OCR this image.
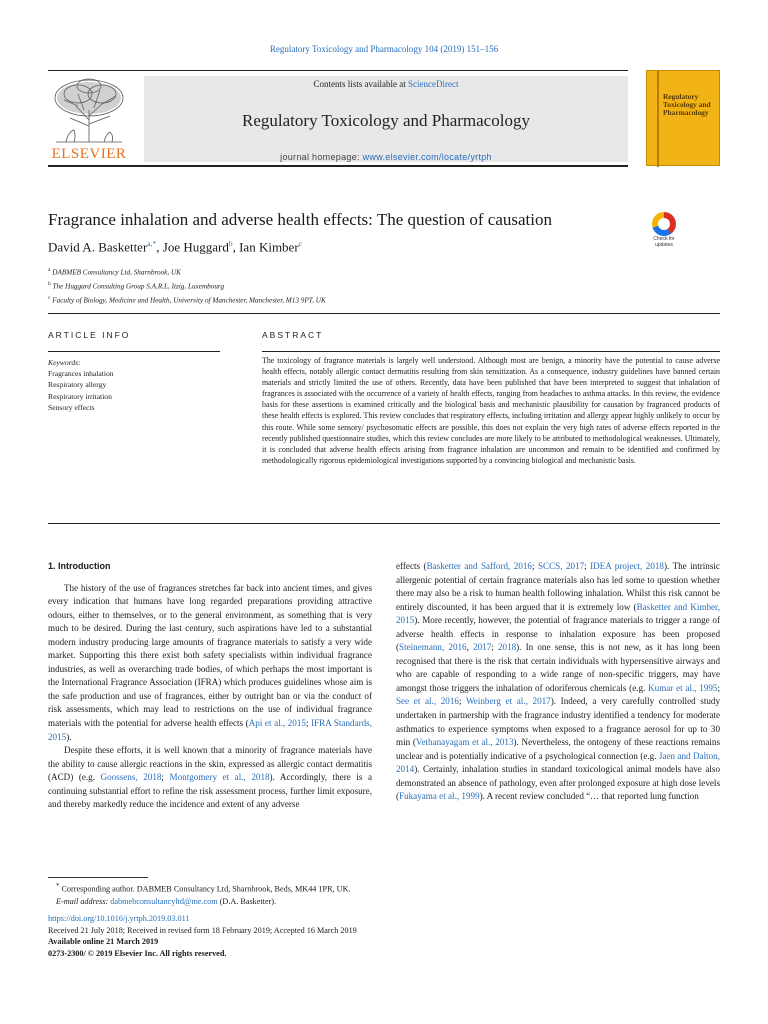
Regulatory Toxicology and Pharmacology 104 (2019) 151–156
ELSEVIER
Contents lists available at ScienceDirect
Regulatory Toxicology and Pharmacology
journal homepage: www.elsevier.com/locate/yrtph
Regulatory Toxicology and Pharmacology
Fragrance inhalation and adverse health effects: The question of causation
Check for
updates
David A. Basketter$^{a,*}$, Joe Huggard$^b$, Ian Kimber$^c$
$^a$ DABMEB Consultancy Ltd, Sharnbrook, UK
$^b$ The Huggard Consulting Group S.A.R.L, Itzig, Luxembourg
$^c$ Faculty of Biology, Medicine and Health, University of Manchester, Manchester, M13 9PT, UK
ARTICLE INFO	ABSTRACT
Keywords:
Fragrances inhalation
Respiratory allergy
Respiratory irritation
Sensory effects
The toxicology of fragrance materials is largely well understood. Although most are benign, a minority have the potential to cause adverse health effects, notably allergic contact dermatitis resulting from skin sensitization. As a consequence, industry guidelines have banned certain materials and strictly limited the use of others. Recently, data have been published that have been interpreted to suggest that inhalation of fragrances is associated with the occurrence of a variety of health effects, ranging from headaches to asthma attacks. In this review, the evidence basis for these assertions is examined critically and the biological basis and mechanistic plausibility for causation by fragranced products of these health effects is explored. This review concludes that respiratory effects, including irritation and allergy appear highly unlikely to occur by this route. While some sensory/ psychosomatic effects are possible, this does not explain the very high rates of adverse effects reported in the recently published questionnaire studies, which this review concludes are more likely to be attributed to methodological weaknesses. Ultimately, it is concluded that adverse health effects arising from fragrance inhalation are uncommon and remain to be identified and confirmed by methodologically rigorous epidemiological investigations supported by a convincing biological and mechanistic basis.
1. Introduction

The history of the use of fragrances stretches far back into ancient times, and gives every indication that humans have long regarded preparations providing attractive odours, either to themselves, or to the general environment, as something that is very much to be desired. During the last century, such aspirations have led to a substantial modern industry producing large amounts of fragrance materials to satisfy a very wide market. Supporting this there exist both safety specialists within individual fragrance industries, as well as overarching trade bodies, of which perhaps the most important is the International Fragrance Association (IFRA) which produces guidelines whose aim is the safe production and use of fragrances, either by outright ban or via the conduct of risk assessments, which may lead to restrictions on the use of individual fragrance materials with the potential for adverse health effects (Api et al., 2015; IFRA Standards, 2015).

Despite these efforts, it is well known that a minority of fragrance materials have the ability to cause allergic reactions in the skin, expressed as allergic contact dermatitis (ACD) (e.g. Goossens, 2018; Montgomery et al., 2018). Accordingly, there is a continuing substantial effort to refine the risk assessment process, further limit exposure, and thereby markedly reduce the incidence and extent of any adverse

effects (Basketter and Safford, 2016; SCCS, 2017; IDEA project, 2018). The intrinsic allergenic potential of certain fragrance materials also has led some to question whether there may also be a risk to human health following inhalation. Whilst this risk cannot be entirely discounted, it has been argued that it is extremely low (Basketter and Kimber, 2015). More recently, however, the potential of fragrance materials to trigger a range of adverse health effects in response to inhalation exposure has been proposed (Steinemann, 2016, 2017; 2018). In one sense, this is not new, as it has long been recognised that there is the risk that certain individuals with hypersensitive airways and who are capable of responding to a wide range of non-specific triggers, may have amongst those triggers the inhalation of odoriferous chemicals (e.g. Kumar et al., 1995; See et al., 2016; Weinberg et al., 2017). Indeed, a very carefully controlled study undertaken in partnership with the fragrance industry identified a tendency for moderate asthmatics to experience symptoms when exposed to a fragrance aerosol for up to 30 min (Vethanayagam et al., 2013). Nevertheless, the ontogeny of these reactions remains unclear and is potentially indicative of a psychological connection (e.g. Jaen and Dalton, 2014). Certainly, inhalation studies in standard toxicological animal models have also demonstrated an absence of pathology, even after prolonged exposure at high dose levels (Fukayama et al., 1999). A recent review concluded “… that reported lung function

* Corresponding author. DABMEB Consultancy Ltd, Sharnbrook, Beds, MK44 1PR, UK.
E-mail address: dabmebconsultancyltd@me.com (D.A. Basketter).
https://doi.org/10.1016/j.yrtph.2019.03.011
Received 21 July 2018; Received in revised form 18 February 2019; Accepted 16 March 2019
Available online 21 March 2019
0273-2300/ © 2019 Elsevier Inc. All rights reserved.
